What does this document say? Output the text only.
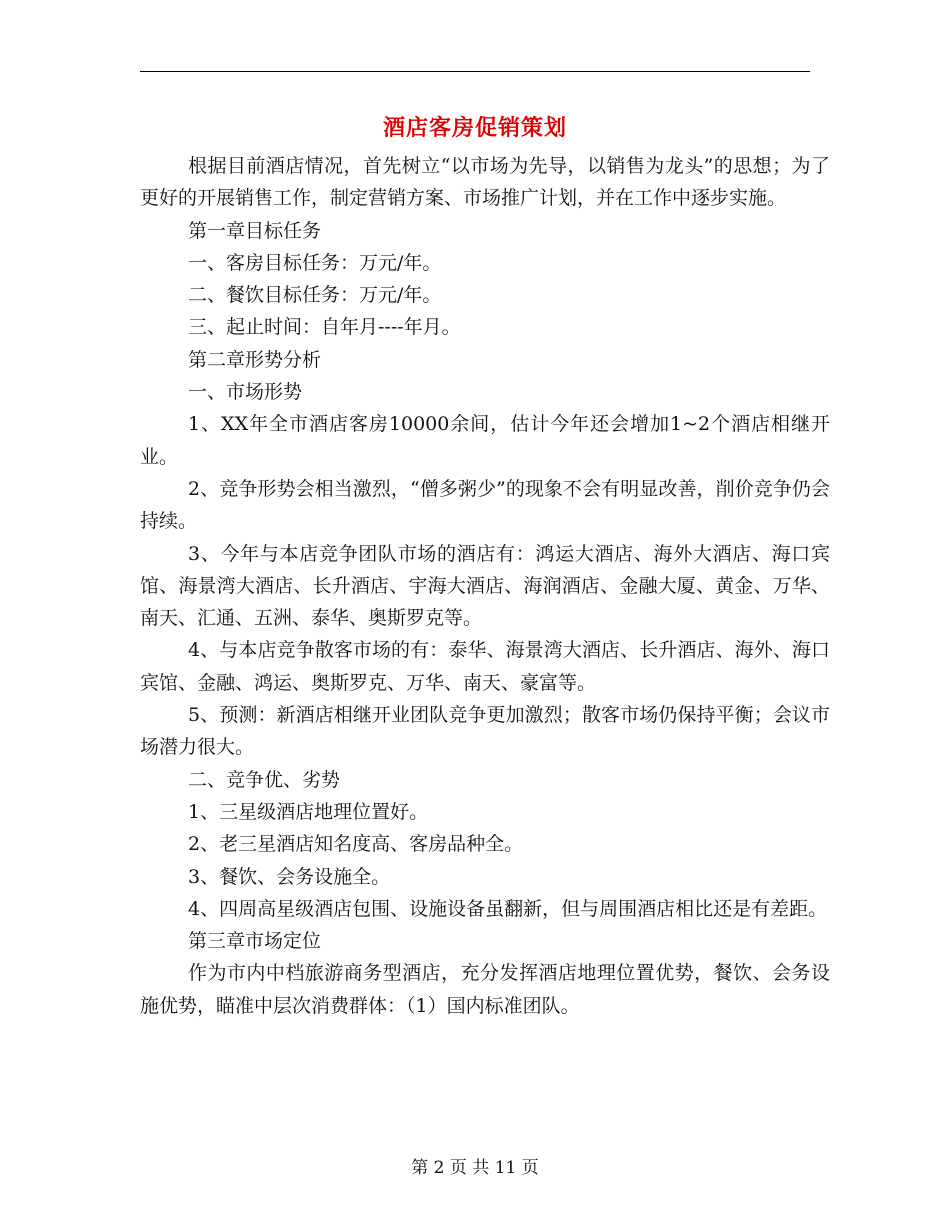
酒店客房促销策划

根据目前酒店情况，首先树立“以市场为先导，以销售为龙头”的思想；为了更好的开展销售工作，制定营销方案、市场推广计划，并在工作中逐步实施。

第一章目标任务

一、客房目标任务：万元/年。

二、餐饮目标任务：万元/年。

三、起止时间：自年月----年月。

第二章形势分析

一、市场形势

1、XX年全市酒店客房10000余间，估计今年还会增加1~2个酒店相继开业。

2、竞争形势会相当激烈，“僧多粥少”的现象不会有明显改善，削价竞争仍会持续。

3、今年与本店竞争团队市场的酒店有：鸿运大酒店、海外大酒店、海口宾馆、海景湾大酒店、长升酒店、宇海大酒店、海润酒店、金融大厦、黄金、万华、南天、汇通、五洲、泰华、奥斯罗克等。

4、与本店竞争散客市场的有：泰华、海景湾大酒店、长升酒店、海外、海口宾馆、金融、鸿运、奥斯罗克、万华、南天、豪富等。

5、预测：新酒店相继开业团队竞争更加激烈；散客市场仍保持平衡；会议市场潜力很大。

二、竞争优、劣势

1、三星级酒店地理位置好。

2、老三星酒店知名度高、客房品种全。

3、餐饮、会务设施全。

4、四周高星级酒店包围、设施设备虽翻新，但与周围酒店相比还是有差距。

第三章市场定位

作为市内中档旅游商务型酒店，充分发挥酒店地理位置优势，餐饮、会务设施优势，瞄准中层次消费群体：（1）国内标准团队。

第 2 页 共 11 页
